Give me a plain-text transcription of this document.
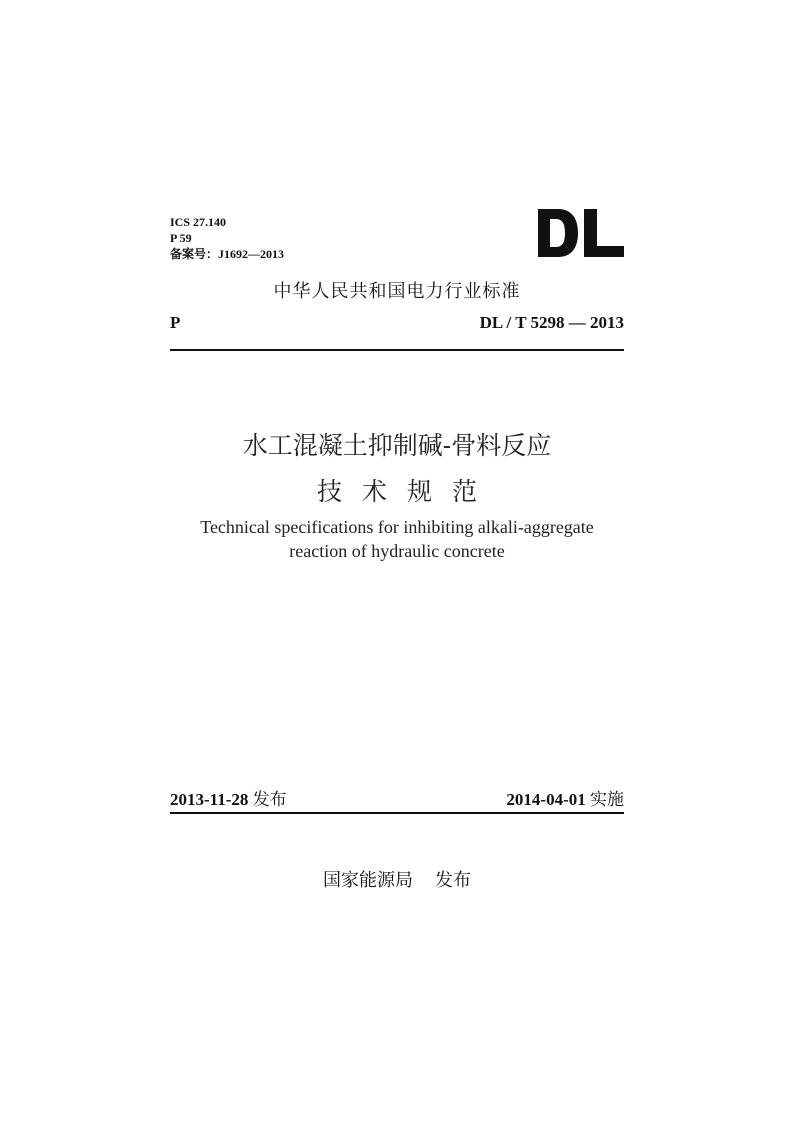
ICS 27.140
P 59
备案号：J1692—2013
中华人民共和国电力行业标准
P	DL / T 5298 — 2013
水工混凝土抑制碱-骨料反应
技术规范
Technical specifications for inhibiting alkali-aggregate
reaction of hydraulic concrete
2013-11-28 发布	2014-04-01 实施
国家能源局 发布
